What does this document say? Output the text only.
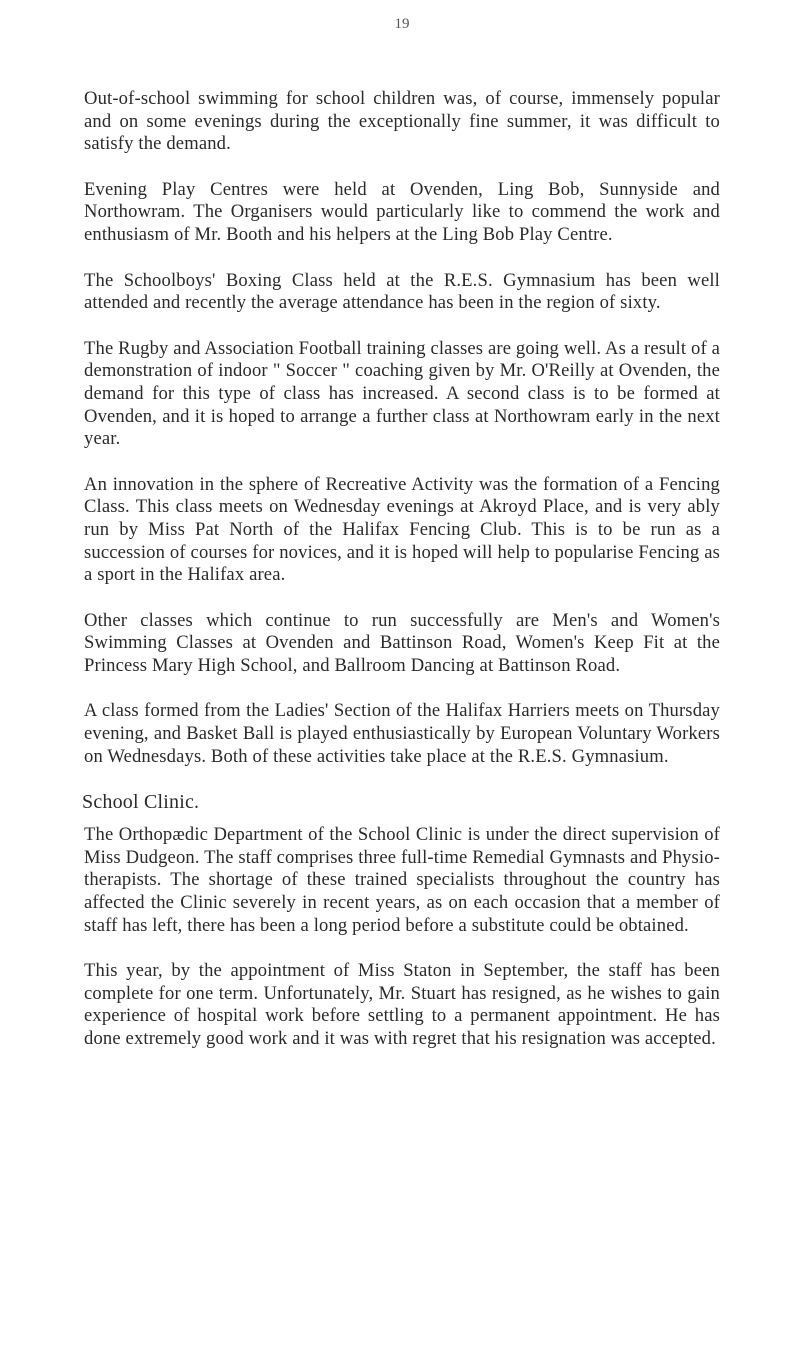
19

Out-of-school swimming for school children was, of course, immensely popular and on some evenings during the exceptionally fine summer, it was difficult to satisfy the demand.

Evening Play Centres were held at Ovenden, Ling Bob, Sunnyside and Northowram. The Organisers would particularly like to commend the work and enthusiasm of Mr. Booth and his helpers at the Ling Bob Play Centre.

The Schoolboys' Boxing Class held at the R.E.S. Gymnasium has been well attended and recently the average attendance has been in the region of sixty.

The Rugby and Association Football training classes are going well. As a result of a demonstration of indoor " Soccer " coaching given by Mr. O'Reilly at Ovenden, the demand for this type of class has increased. A second class is to be formed at Ovenden, and it is hoped to arrange a further class at Northowram early in the next year.

An innovation in the sphere of Recreative Activity was the formation of a Fencing Class. This class meets on Wednesday evenings at Akroyd Place, and is very ably run by Miss Pat North of the Halifax Fencing Club. This is to be run as a succession of courses for novices, and it is hoped will help to popularise Fencing as a sport in the Halifax area.

Other classes which continue to run successfully are Men's and Women's Swimming Classes at Ovenden and Battinson Road, Women's Keep Fit at the Princess Mary High School, and Ballroom Dancing at Battinson Road.

A class formed from the Ladies' Section of the Halifax Harriers meets on Thursday evening, and Basket Ball is played enthusiastically by European Voluntary Workers on Wednesdays. Both of these activities take place at the R.E.S. Gymnasium.

School Clinic.

The Orthopædic Department of the School Clinic is under the direct supervision of Miss Dudgeon. The staff comprises three full-time Remedial Gymnasts and Physio-therapists. The shortage of these trained specialists throughout the country has affected the Clinic severely in recent years, as on each occasion that a member of staff has left, there has been a long period before a substitute could be obtained.

This year, by the appointment of Miss Staton in September, the staff has been complete for one term. Unfortunately, Mr. Stuart has resigned, as he wishes to gain experience of hospital work before settling to a permanent appointment. He has done extremely good work and it was with regret that his resignation was accepted.
